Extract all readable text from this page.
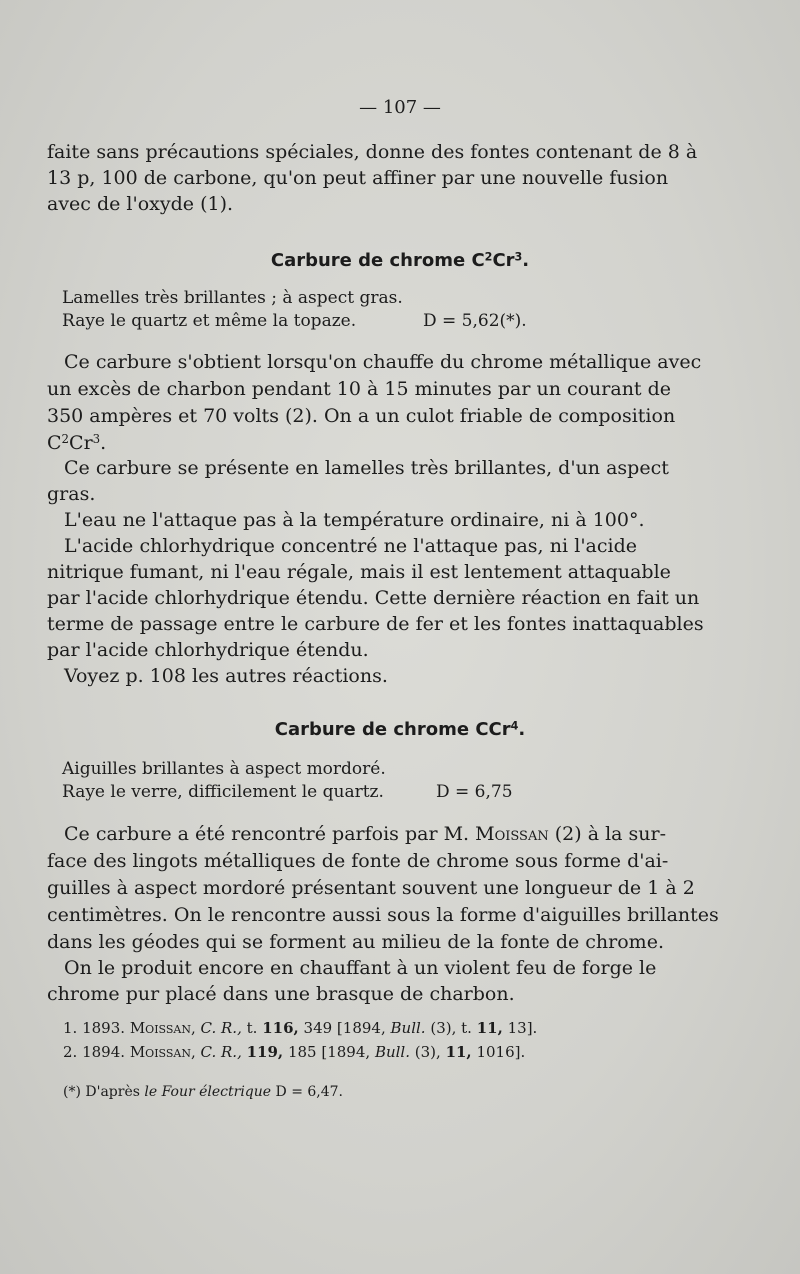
— 107 —
faite sans précautions spéciales, donne des fontes contenant de 8 à
13 p, 100 de carbone, qu'on peut affiner par une nouvelle fusion
avec de l'oxyde (1).
Carbure de chrome $C^2Cr^3$.
Lamelles très brillantes ; à aspect gras.
Raye le quartz et même la topaze.	D = 5,62(*).
Ce carbure s'obtient lorsqu'on chauffe du chrome métallique avec
un excès de charbon pendant 10 à 15 minutes par un courant de
350 ampères et 70 volts (2). On a un culot friable de composition
$C^2Cr^3$.
Ce carbure se présente en lamelles très brillantes, d'un aspect
gras.
L'eau ne l'attaque pas à la température ordinaire, ni à 100°.
L'acide chlorhydrique concentré ne l'attaque pas, ni l'acide
nitrique fumant, ni l'eau régale, mais il est lentement attaquable
par l'acide chlorhydrique étendu. Cette dernière réaction en fait un
terme de passage entre le carbure de fer et les fontes inattaquables
par l'acide chlorhydrique étendu.
Voyez p. 108 les autres réactions.
Carbure de chrome CCr$^4$.
Aiguilles brillantes à aspect mordoré.
Raye le verre, difficilement le quartz.	D = 6,75
Ce carbure a été rencontré parfois par M. Moissan (2) à la sur-
face des lingots métalliques de fonte de chrome sous forme d'ai-
guilles à aspect mordoré présentant souvent une longueur de 1 à 2
centimètres. On le rencontre aussi sous la forme d'aiguilles brillantes
dans les géodes qui se forment au milieu de la fonte de chrome.
On le produit encore en chauffant à un violent feu de forge le
chrome pur placé dans une brasque de charbon.
1. 1893. Moissan, C. R., t. 116, 349 [1894, Bull. (3), t. 11, 13].
2. 1894. Moissan, C. R., 119, 185 [1894, Bull. (3), 11, 1016].
(*) D'après le Four électrique D = 6,47.
